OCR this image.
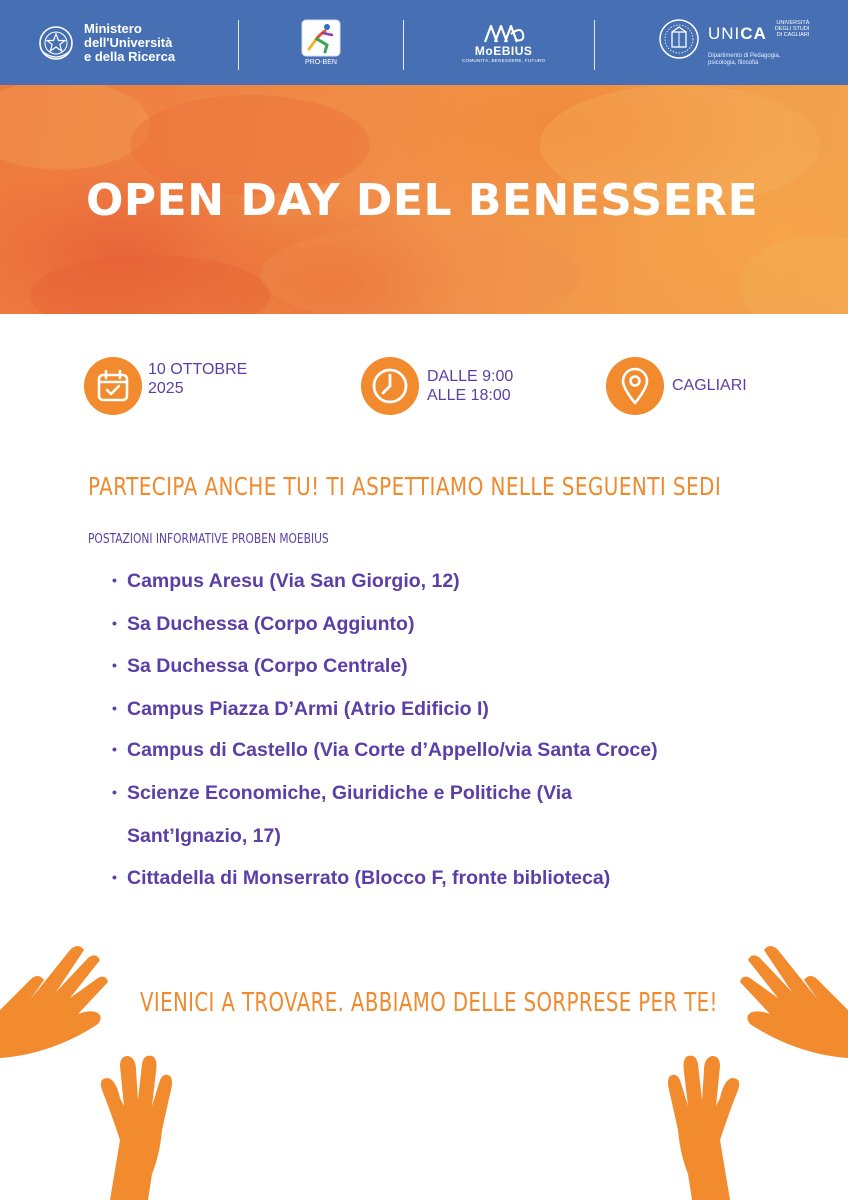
Ministero
dell'Università
e della Ricerca	PRO-BEN
MoEBIUS
COMUNITÀ, BENESSERE, FUTURO
UNICA
UNIVERSITÀ
DEGLI STUDI
DI CAGLIARI
Dipartimento di Pedagogia,
psicologia, filosofia
OPEN DAY DEL BENESSERE
10 OTTOBRE
2025
DALLE 9:00
ALLE 18:00
CAGLIARI
PARTECIPA ANCHE TU! TI ASPETTIAMO NELLE SEGUENTI SEDI
POSTAZIONI INFORMATIVE PROBEN MOEBIUS
• Campus Aresu (Via San Giorgio, 12)
• Sa Duchessa (Corpo Aggiunto)
• Sa Duchessa (Corpo Centrale)
• Campus Piazza D’Armi (Atrio Edificio I)
• Campus di Castello (Via Corte d’Appello/via Santa Croce)
• Scienze Economiche, Giuridiche e Politiche (Via
Sant’Ignazio, 17)
• Cittadella di Monserrato (Blocco F, fronte biblioteca)
VIENICI A TROVARE. ABBIAMO DELLE SORPRESE PER TE!
